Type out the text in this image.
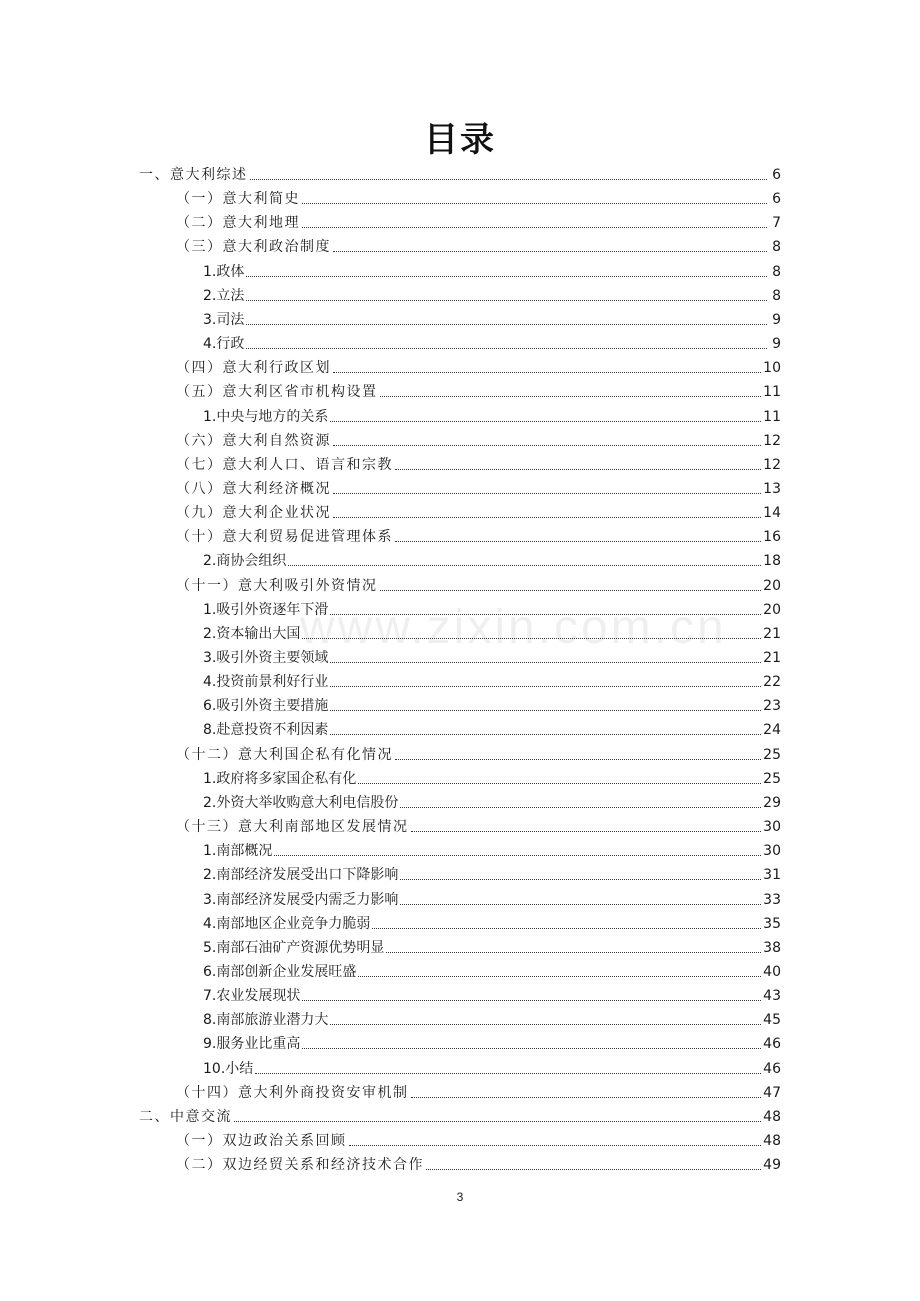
目录
www.zixin.com.cn
一、意大利综述	6
（一）意大利简史	6
（二）意大利地理	7
（三）意大利政治制度	8
1.政体	8
2.立法	8
3.司法	9
4.行政	9
（四）意大利行政区划	10
（五）意大利区省市机构设置	11
1.中央与地方的关系	11
（六）意大利自然资源	12
（七）意大利人口、语言和宗教	12
（八）意大利经济概况	13
（九）意大利企业状况	14
（十）意大利贸易促进管理体系	16
2.商协会组织	18
（十一）意大利吸引外资情况	20
1.吸引外资逐年下滑	20
2.资本输出大国	21
3.吸引外资主要领域	21
4.投资前景利好行业	22
6.吸引外资主要措施	23
8.赴意投资不利因素	24
（十二）意大利国企私有化情况	25
1.政府将多家国企私有化	25
2.外资大举收购意大利电信股份	29
（十三）意大利南部地区发展情况	30
1.南部概况	30
2.南部经济发展受出口下降影响	31
3.南部经济发展受内需乏力影响	33
4.南部地区企业竞争力脆弱	35
5.南部石油矿产资源优势明显	38
6.南部创新企业发展旺盛	40
7.农业发展现状	43
8.南部旅游业潜力大	45
9.服务业比重高	46
10.小结	46
（十四）意大利外商投资安审机制	47
二、中意交流	48
（一）双边政治关系回顾	48
（二）双边经贸关系和经济技术合作	49
3
